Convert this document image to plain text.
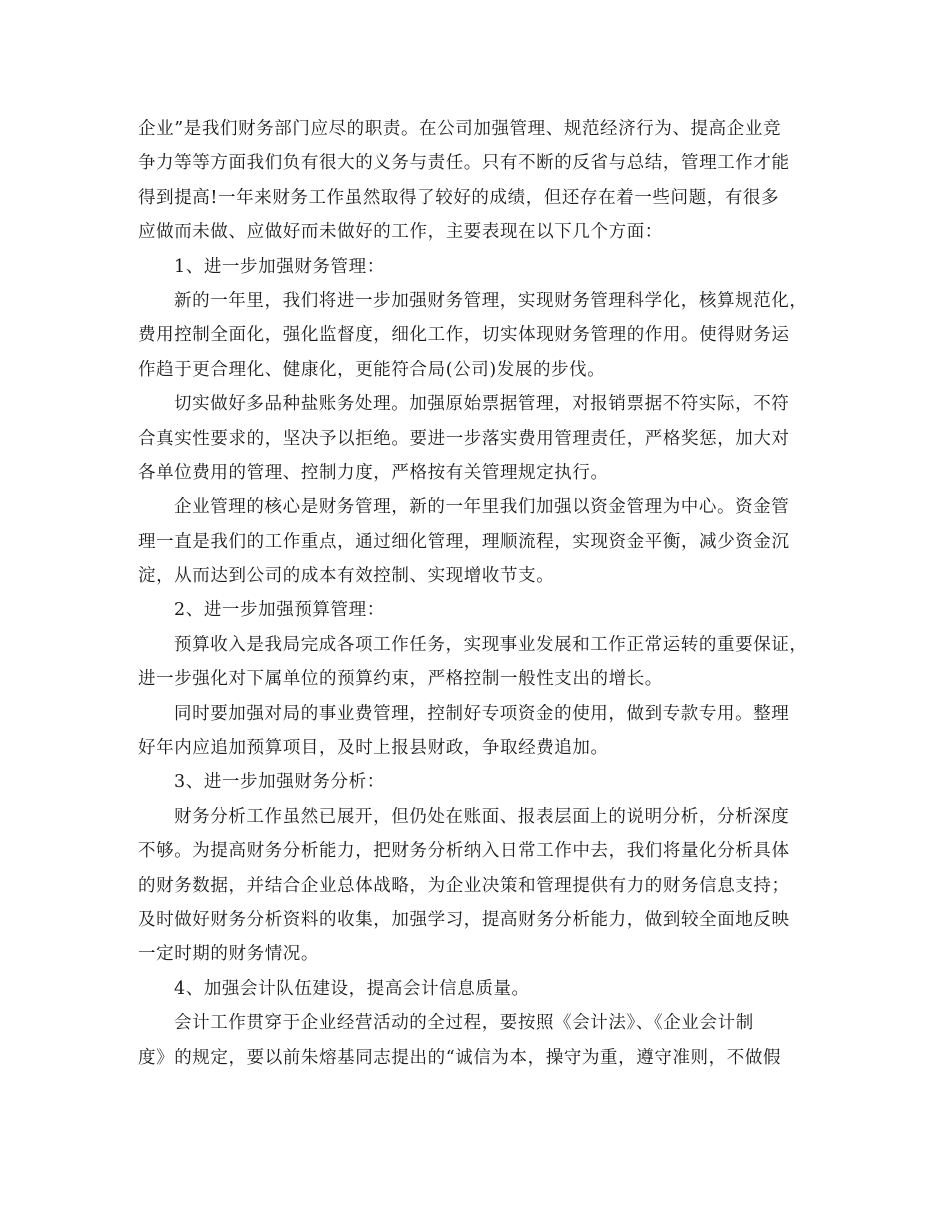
企业”是我们财务部门应尽的职责。在公司加强管理、规范经济行为、提高企业竞
争力等等方面我们负有很大的义务与责任。只有不断的反省与总结，管理工作才能
得到提高!一年来财务工作虽然取得了较好的成绩，但还存在着一些问题，有很多
应做而未做、应做好而未做好的工作，主要表现在以下几个方面：
1、进一步加强财务管理：
新的一年里，我们将进一步加强财务管理，实现财务管理科学化，核算规范化，
费用控制全面化，强化监督度，细化工作，切实体现财务管理的作用。使得财务运
作趋于更合理化、健康化，更能符合局(公司)发展的步伐。
切实做好多品种盐账务处理。加强原始票据管理，对报销票据不符实际，不符
合真实性要求的，坚决予以拒绝。要进一步落实费用管理责任，严格奖惩，加大对
各单位费用的管理、控制力度，严格按有关管理规定执行。
企业管理的核心是财务管理，新的一年里我们加强以资金管理为中心。资金管
理一直是我们的工作重点，通过细化管理，理顺流程，实现资金平衡，减少资金沉
淀，从而达到公司的成本有效控制、实现增收节支。
2、进一步加强预算管理：
预算收入是我局完成各项工作任务，实现事业发展和工作正常运转的重要保证，
进一步强化对下属单位的预算约束，严格控制一般性支出的增长。
同时要加强对局的事业费管理，控制好专项资金的使用，做到专款专用。整理
好年内应追加预算项目，及时上报县财政，争取经费追加。
3、进一步加强财务分析：
财务分析工作虽然已展开，但仍处在账面、报表层面上的说明分析，分析深度
不够。为提高财务分析能力，把财务分析纳入日常工作中去，我们将量化分析具体
的财务数据，并结合企业总体战略，为企业决策和管理提供有力的财务信息支持；
及时做好财务分析资料的收集，加强学习，提高财务分析能力，做到较全面地反映
一定时期的财务情况。
4、加强会计队伍建设，提高会计信息质量。
会计工作贯穿于企业经营活动的全过程，要按照《会计法》、《企业会计制
度》的规定，要以前朱熔基同志提出的“诚信为本，操守为重，遵守准则，不做假
